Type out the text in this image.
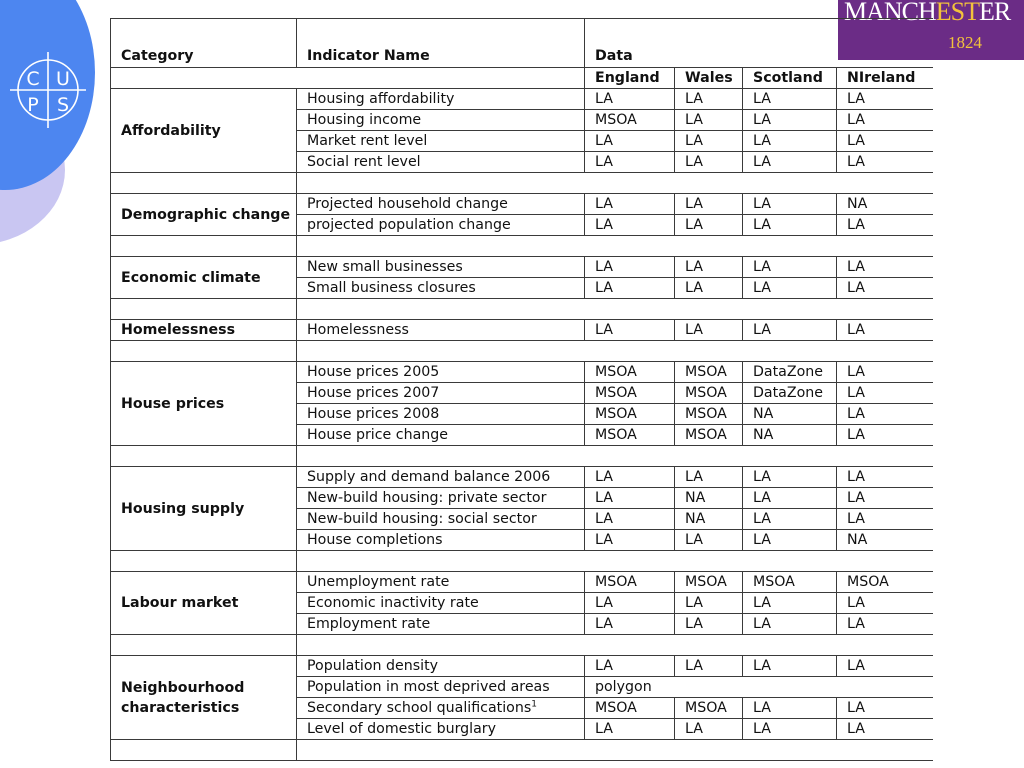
C U
P S
MANCHESTER
1824
Category	Indicator Name	Data			
		England	Wales	Scotland	NIreland
Affordability	Housing affordability	LA	LA	LA	LA
	Housing income	MSOA	LA	LA	LA
	Market rent level	LA	LA	LA	LA
	Social rent level	LA	LA	LA	LA

Demographic change	Projected household change	LA	LA	LA	NA
	projected population change	LA	LA	LA	LA

Economic climate	New small businesses	LA	LA	LA	LA
	Small business closures	LA	LA	LA	LA

Homelessness	Homelessness	LA	LA	LA	LA

House prices	House prices 2005	MSOA	MSOA	DataZone	LA
	House prices 2007	MSOA	MSOA	DataZone	LA
	House prices 2008	MSOA	MSOA	NA	LA
	House price change	MSOA	MSOA	NA	LA

Housing supply	Supply and demand balance 2006	LA	LA	LA	LA
	New-build housing: private sector	LA	NA	LA	LA
	New-build housing: social sector	LA	NA	LA	LA
	House completions	LA	LA	LA	NA

Labour market	Unemployment rate	MSOA	MSOA	MSOA	MSOA
	Economic inactivity rate	LA	LA	LA	LA
	Employment rate	LA	LA	LA	LA

Neighbourhood characteristics	Population density	LA	LA	LA	LA
	Population in most deprived areas	polygon			
	Secondary school qualifications$^1$	MSOA	MSOA	LA	LA
	Level of domestic burglary	LA	LA	LA	LA
